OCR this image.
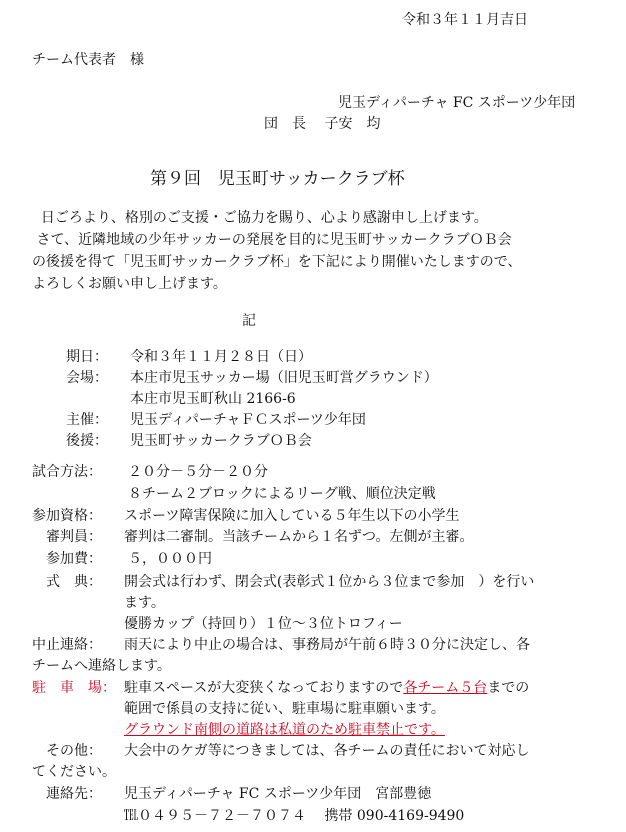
令和３年１１月吉日
チーム代表者　様
児玉ディパーチャ FC スポーツ少年団
団　長　 子安　均
第９回　児玉町サッカークラブ杯
日ごろより、格別のご支援・ご協力を賜り、心より感謝申し上げます。
さて、近隣地域の少年サッカーの発展を目的に児玉町サッカークラブＯＢ会
の後援を得て「児玉町サッカークラブ杯」を下記により開催いたしますので、
よろしくお願い申し上げます。
記
期日： 令和３年１１月２８日（日）
会場： 本庄市児玉サッカー場（旧児玉町営グラウンド）
本庄市児玉町秋山 2166-6
主催： 児玉ディパーチャＦＣスポーツ少年団
後援： 児玉町サッカークラブＯＢ会
試合方法： ２０分－５分－２０分
８チーム２ブロックによるリーグ戦、順位決定戦
参加資格： スポーツ障害保険に加入している５年生以下の小学生
審判員： 審判は二審制。当該チームから１名ずつ。左側が主審。
参加費： ５，０００円
式　典： 開会式は行わず、閉会式(表彰式１位から３位まで参加　）を行い
ます。
優勝カップ（持回り）１位～３位トロフィー
中止連絡： 雨天により中止の場合は、事務局が午前６時３０分に決定し、各
チームへ連絡します。
駐　車　場： 駐車スペースが大変狭くなっておりますので各チーム５台までの
範囲で係員の支持に従い、駐車場に駐車願います。
グラウンド南側の道路は私道のため駐車禁止です。
その他： 大会中のケガ等につきましては、各チームの責任において対応し
てください。
連絡先： 児玉ディパーチャ FC スポーツ少年団　宮部豊徳
℡０４９５－７２－７０７４　 携帯 090-4169-9490
